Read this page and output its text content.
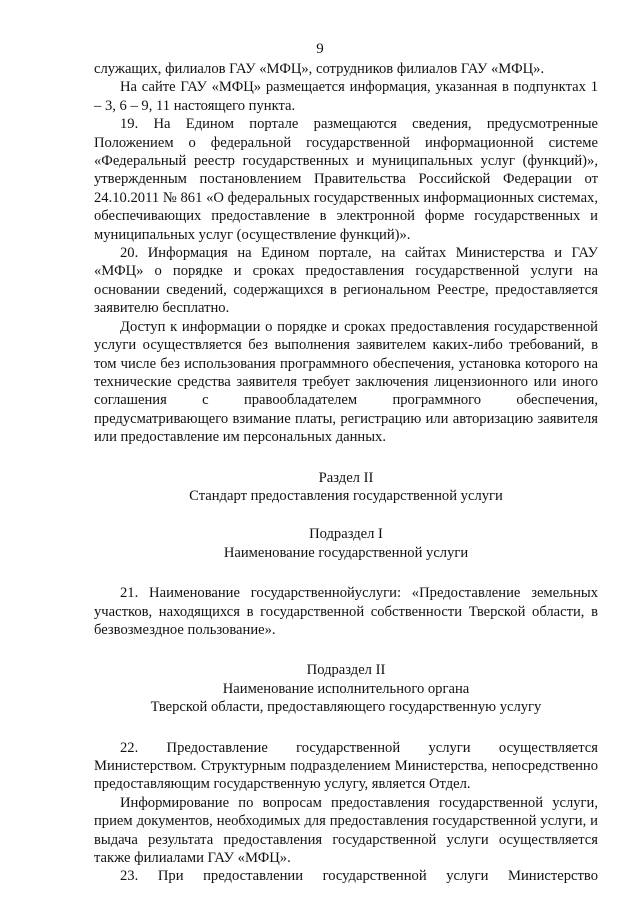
9

служащих, филиалов ГАУ «МФЦ», сотрудников филиалов ГАУ «МФЦ».

На сайте ГАУ «МФЦ» размещается информация, указанная в подпунктах 1 – 3, 6 – 9, 11 настоящего пункта.

19. На Едином портале размещаются сведения, предусмотренные Положением о федеральной государственной информационной системе «Федеральный реестр государственных и муниципальных услуг (функций)», утвержденным постановлением Правительства Российской Федерации от 24.10.2011 № 861 «О федеральных государственных информационных системах, обеспечивающих предоставление в электронной форме государственных и муниципальных услуг (осуществление функций)».

20. Информация на Едином портале, на сайтах Министерства и ГАУ «МФЦ» о порядке и сроках предоставления государственной услуги на основании сведений, содержащихся в региональном Реестре, предоставляется заявителю бесплатно.

Доступ к информации о порядке и сроках предоставления государственной услуги осуществляется без выполнения заявителем каких-либо требований, в том числе без использования программного обеспечения, установка которого на технические средства заявителя требует заключения лицензионного или иного соглашения с правообладателем программного обеспечения, предусматривающего взимание платы, регистрацию или авторизацию заявителя или предоставление им персональных данных.

Раздел II

Стандарт предоставления государственной услуги

Подраздел I

Наименование государственной услуги

21. Наименование государственнойуслуги: «Предоставление земельных участков, находящихся в государственной собственности Тверской области, в безвозмездное пользование».

Подраздел II

Наименование исполнительного органа

Тверской области, предоставляющего государственную услугу

22. Предоставление государственной услуги осуществляется Министерством. Структурным подразделением Министерства, непосредственно предоставляющим государственную услугу, является Отдел.

Информирование по вопросам предоставления государственной услуги, прием документов, необходимых для предоставления государственной услуги, и выдача результата предоставления государственной услуги осуществляется также филиалами ГАУ «МФЦ».

23. При предоставлении государственной услуги Министерство
